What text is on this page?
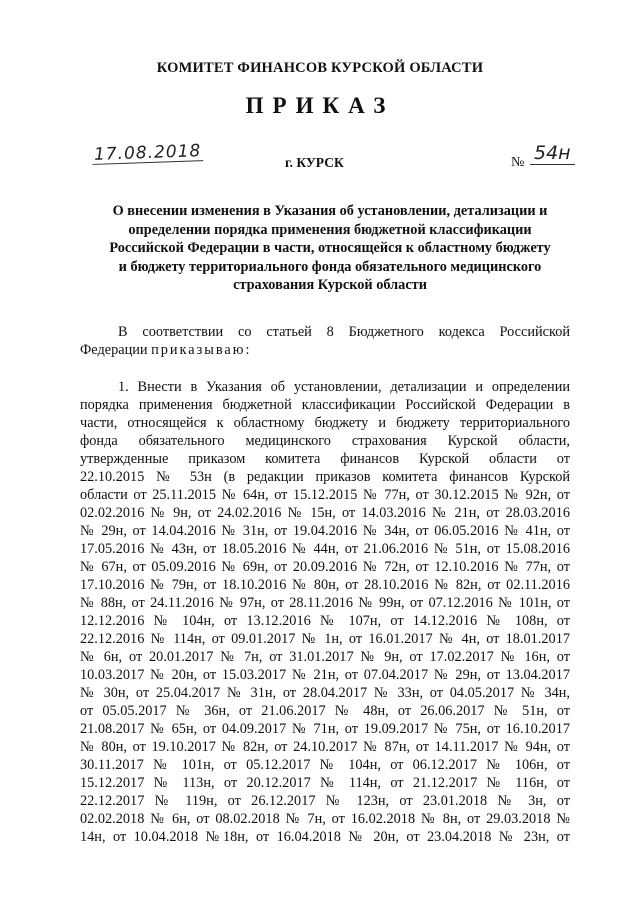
КОМИТЕТ ФИНАНСОВ КУРСКОЙ ОБЛАСТИ
ПРИКАЗ
17.08.2018	г. КУРСК	№ 54н
О внесении изменения в Указания об установлении, детализации и
определении порядка применения бюджетной классификации
Российской Федерации в части, относящейся к областному бюджету
и бюджету территориального фонда обязательного медицинского
страхования Курской области
В соответствии со статьей 8 Бюджетного кодекса Российской
Федерации приказываю:
1. Внести в Указания об установлении, детализации и определении
порядка применения бюджетной классификации Российской Федерации в
части, относящейся к областному бюджету и бюджету территориального
фонда обязательного медицинского страхования Курской области,
утвержденные приказом комитета финансов Курской области от
22.10.2015 № 53н (в редакции приказов комитета финансов Курской
области от 25.11.2015 № 64н, от 15.12.2015 № 77н, от 30.12.2015 № 92н, от
02.02.2016 № 9н, от 24.02.2016 № 15н, от 14.03.2016 № 21н, от 28.03.2016
№ 29н, от 14.04.2016 № 31н, от 19.04.2016 № 34н, от 06.05.2016 № 41н, от
17.05.2016 № 43н, от 18.05.2016 № 44н, от 21.06.2016 № 51н, от 15.08.2016
№ 67н, от 05.09.2016 № 69н, от 20.09.2016 № 72н, от 12.10.2016 № 77н, от
17.10.2016 № 79н, от 18.10.2016 № 80н, от 28.10.2016 № 82н, от 02.11.2016
№ 88н, от 24.11.2016 № 97н, от 28.11.2016 № 99н, от 07.12.2016 № 101н, от
12.12.2016 № 104н, от 13.12.2016 № 107н, от 14.12.2016 № 108н, от
22.12.2016 № 114н, от 09.01.2017 № 1н, от 16.01.2017 № 4н, от 18.01.2017
№ 6н, от 20.01.2017 № 7н, от 31.01.2017 № 9н, от 17.02.2017 № 16н, от
10.03.2017 № 20н, от 15.03.2017 № 21н, от 07.04.2017 № 29н, от 13.04.2017
№ 30н, от 25.04.2017 № 31н, от 28.04.2017 № 33н, от 04.05.2017 № 34н,
от 05.05.2017 № 36н, от 21.06.2017 № 48н, от 26.06.2017 № 51н, от
21.08.2017 № 65н, от 04.09.2017 № 71н, от 19.09.2017 № 75н, от 16.10.2017
№ 80н, от 19.10.2017 № 82н, от 24.10.2017 № 87н, от 14.11.2017 № 94н, от
30.11.2017 № 101н, от 05.12.2017 № 104н, от 06.12.2017 № 106н, от
15.12.2017 № 113н, от 20.12.2017 № 114н, от 21.12.2017 № 116н, от
22.12.2017 № 119н, от 26.12.2017 № 123н, от 23.01.2018 № 3н, от
02.02.2018 № 6н, от 08.02.2018 № 7н, от 16.02.2018 № 8н, от 29.03.2018 №
14н, от 10.04.2018 №18н, от 16.04.2018 № 20н, от 23.04.2018 № 23н, от
